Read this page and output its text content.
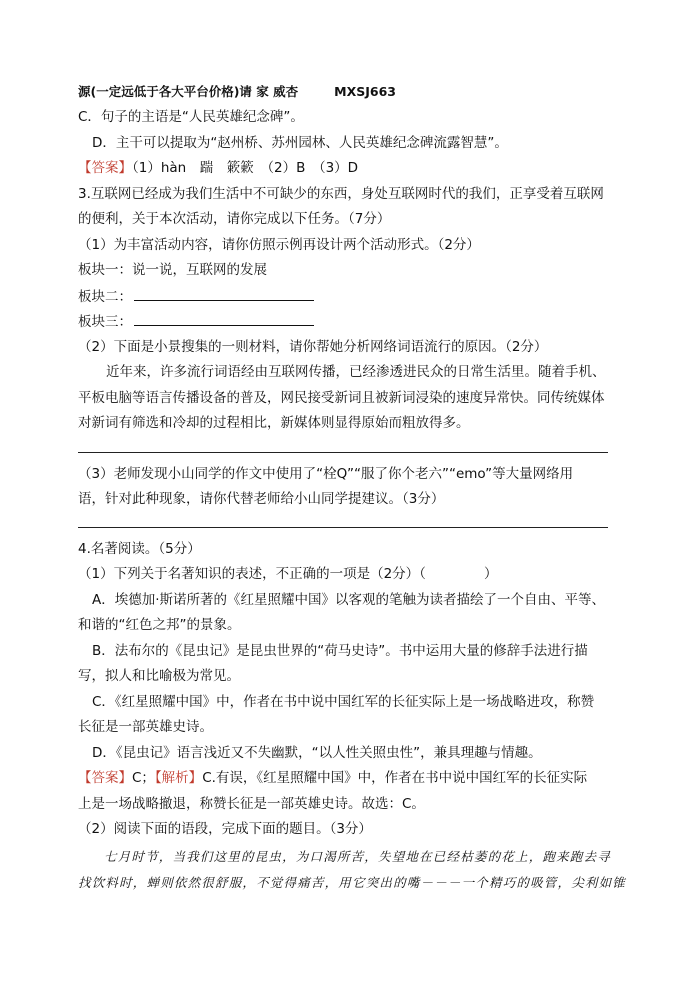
源(一定远低于各大平台价格)请 家 威杏	MXSJ663
C．句子的主语是“人民英雄纪念碑”。
D．主干可以提取为“赵州桥、苏州园林、人民英雄纪念碑流露智慧”。
【答案】（1）hàn　踹　簌簌　（2）B　（3）D
3.互联网已经成为我们生活中不可缺少的东西，身处互联网时代的我们，正享受着互联网
的便利，关于本次活动，请你完成以下任务。（7分）
（1）为丰富活动内容，请你仿照示例再设计两个活动形式。（2分）
板块一：说一说，互联网的发展
板块二：
板块三：
（2）下面是小景搜集的一则材料，请你帮她分析网络词语流行的原因。（2分）
近年来，许多流行词语经由互联网传播，已经渗透进民众的日常生活里。随着手机、
平板电脑等语言传播设备的普及，网民接受新词且被新词浸染的速度异常快。同传统媒体
对新词有筛选和冷却的过程相比，新媒体则显得原始而粗放得多。
（3）老师发现小山同学的作文中使用了“栓Q”“服了你个老六”“emo”等大量网络用
语，针对此种现象，请你代替老师给小山同学提建议。（3分）
4.名著阅读。（5分）
（1）下列关于名著知识的表述，不正确的一项是（2分）（	）
A．埃德加·斯诺所著的《红星照耀中国》以客观的笔触为读者描绘了一个自由、平等、
和谐的“红色之邦”的景象。
B．法布尔的《昆虫记》是昆虫世界的“荷马史诗”。书中运用大量的修辞手法进行描
写，拟人和比喻极为常见。
C．《红星照耀中国》中，作者在书中说中国红军的长征实际上是一场战略进攻，称赞
长征是一部英雄史诗。
D．《昆虫记》语言浅近又不失幽默，“以人性关照虫性”，兼具理趣与情趣。
【答案】C；【解析】C.有误，《红星照耀中国》中，作者在书中说中国红军的长征实际
上是一场战略撤退，称赞长征是一部英雄史诗。故选：C。
（2）阅读下面的语段，完成下面的题目。（3分）
七月时节，当我们这里的昆虫，为口渴所苦，失望地在已经枯萎的花上，跑来跑去寻
找饮料时，蝉则依然很舒服，不觉得痛苦，用它突出的嘴－－－一个精巧的吸管，尖利如锥
